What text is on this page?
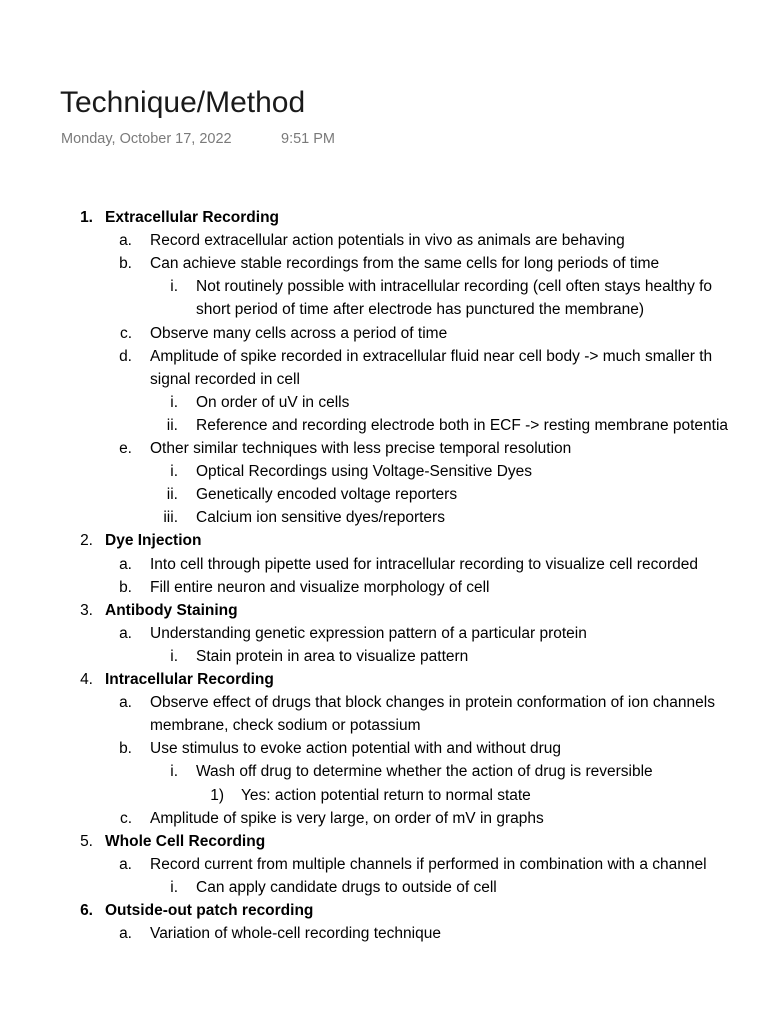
Technique/Method
Monday, October 17, 2022	9:51 PM
1. Extracellular Recording
a. Record extracellular action potentials in vivo as animals are behaving
b. Can achieve stable recordings from the same cells for long periods of time
i. Not routinely possible with intracellular recording (cell often stays healthy fo
short period of time after electrode has punctured the membrane)
c. Observe many cells across a period of time
d. Amplitude of spike recorded in extracellular fluid near cell body -> much smaller th
signal recorded in cell
i. On order of uV in cells
ii. Reference and recording electrode both in ECF -> resting membrane potentia
e. Other similar techniques with less precise temporal resolution
i. Optical Recordings using Voltage-Sensitive Dyes
ii. Genetically encoded voltage reporters
iii. Calcium ion sensitive dyes/reporters
2. Dye Injection
a. Into cell through pipette used for intracellular recording to visualize cell recorded
b. Fill entire neuron and visualize morphology of cell
3. Antibody Staining
a. Understanding genetic expression pattern of a particular protein
i. Stain protein in area to visualize pattern
4. Intracellular Recording
a. Observe effect of drugs that block changes in protein conformation of ion channels
membrane, check sodium or potassium
b. Use stimulus to evoke action potential with and without drug
i. Wash off drug to determine whether the action of drug is reversible
1) Yes: action potential return to normal state
c. Amplitude of spike is very large, on order of mV in graphs
5. Whole Cell Recording
a. Record current from multiple channels if performed in combination with a channel
i. Can apply candidate drugs to outside of cell
6. Outside-out patch recording
a. Variation of whole-cell recording technique
